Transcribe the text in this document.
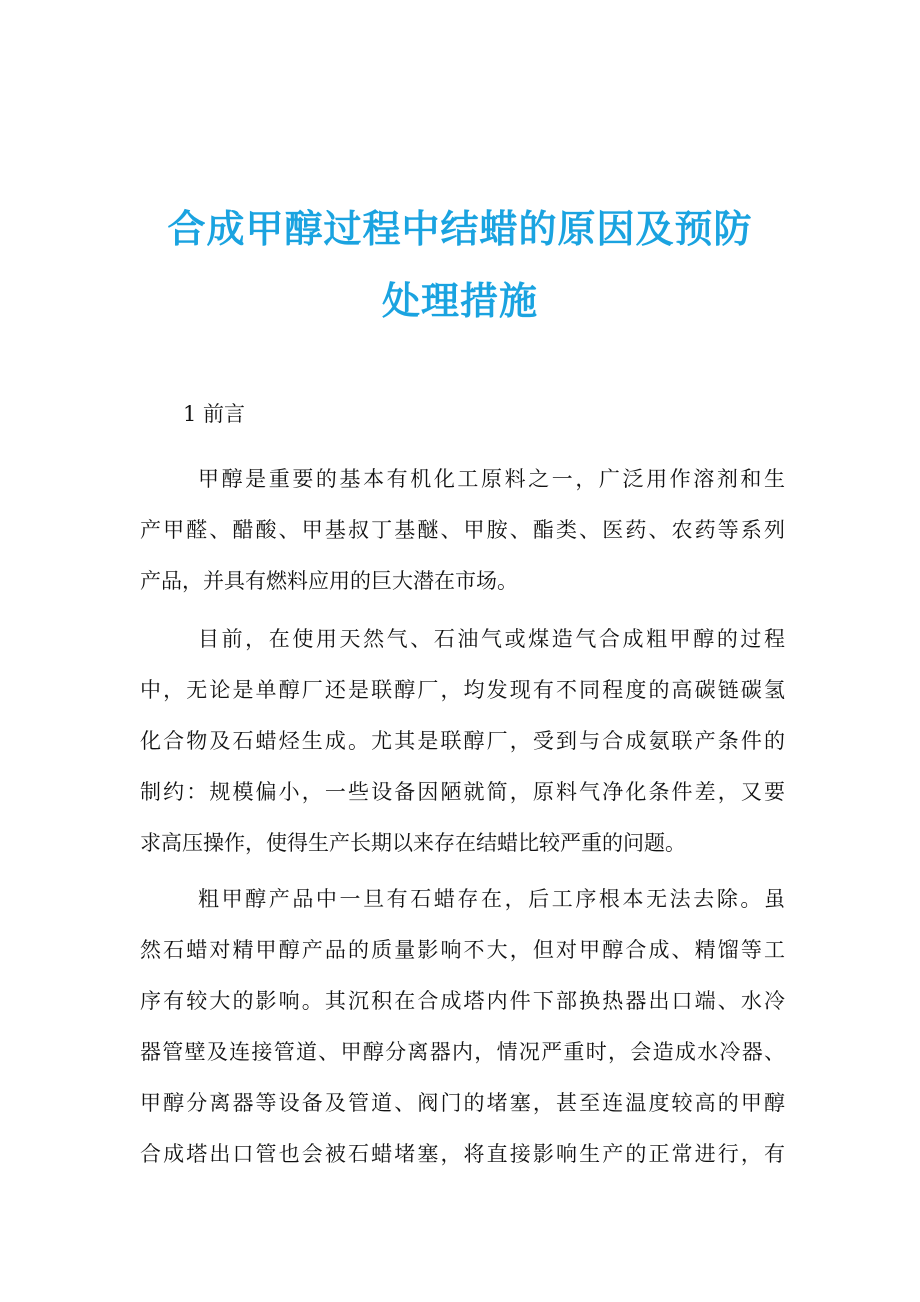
合成甲醇过程中结蜡的原因及预防
处理措施
1 前言
甲醇是重要的基本有机化工原料之一，广泛用作溶剂和生
产甲醛、醋酸、甲基叔丁基醚、甲胺、酯类、医药、农药等系列
产品，并具有燃料应用的巨大潜在市场。
目前，在使用天然气、石油气或煤造气合成粗甲醇的过程
中，无论是单醇厂还是联醇厂，均发现有不同程度的高碳链碳氢
化合物及石蜡烃生成。尤其是联醇厂，受到与合成氨联产条件的
制约：规模偏小，一些设备因陋就简，原料气净化条件差，又要
求高压操作，使得生产长期以来存在结蜡比较严重的问题。
粗甲醇产品中一旦有石蜡存在，后工序根本无法去除。虽
然石蜡对精甲醇产品的质量影响不大，但对甲醇合成、精馏等工
序有较大的影响。其沉积在合成塔内件下部换热器出口端、水冷
器管壁及连接管道、甲醇分离器内，情况严重时，会造成水冷器、
甲醇分离器等设备及管道、阀门的堵塞，甚至连温度较高的甲醇
合成塔出口管也会被石蜡堵塞，将直接影响生产的正常进行，有
